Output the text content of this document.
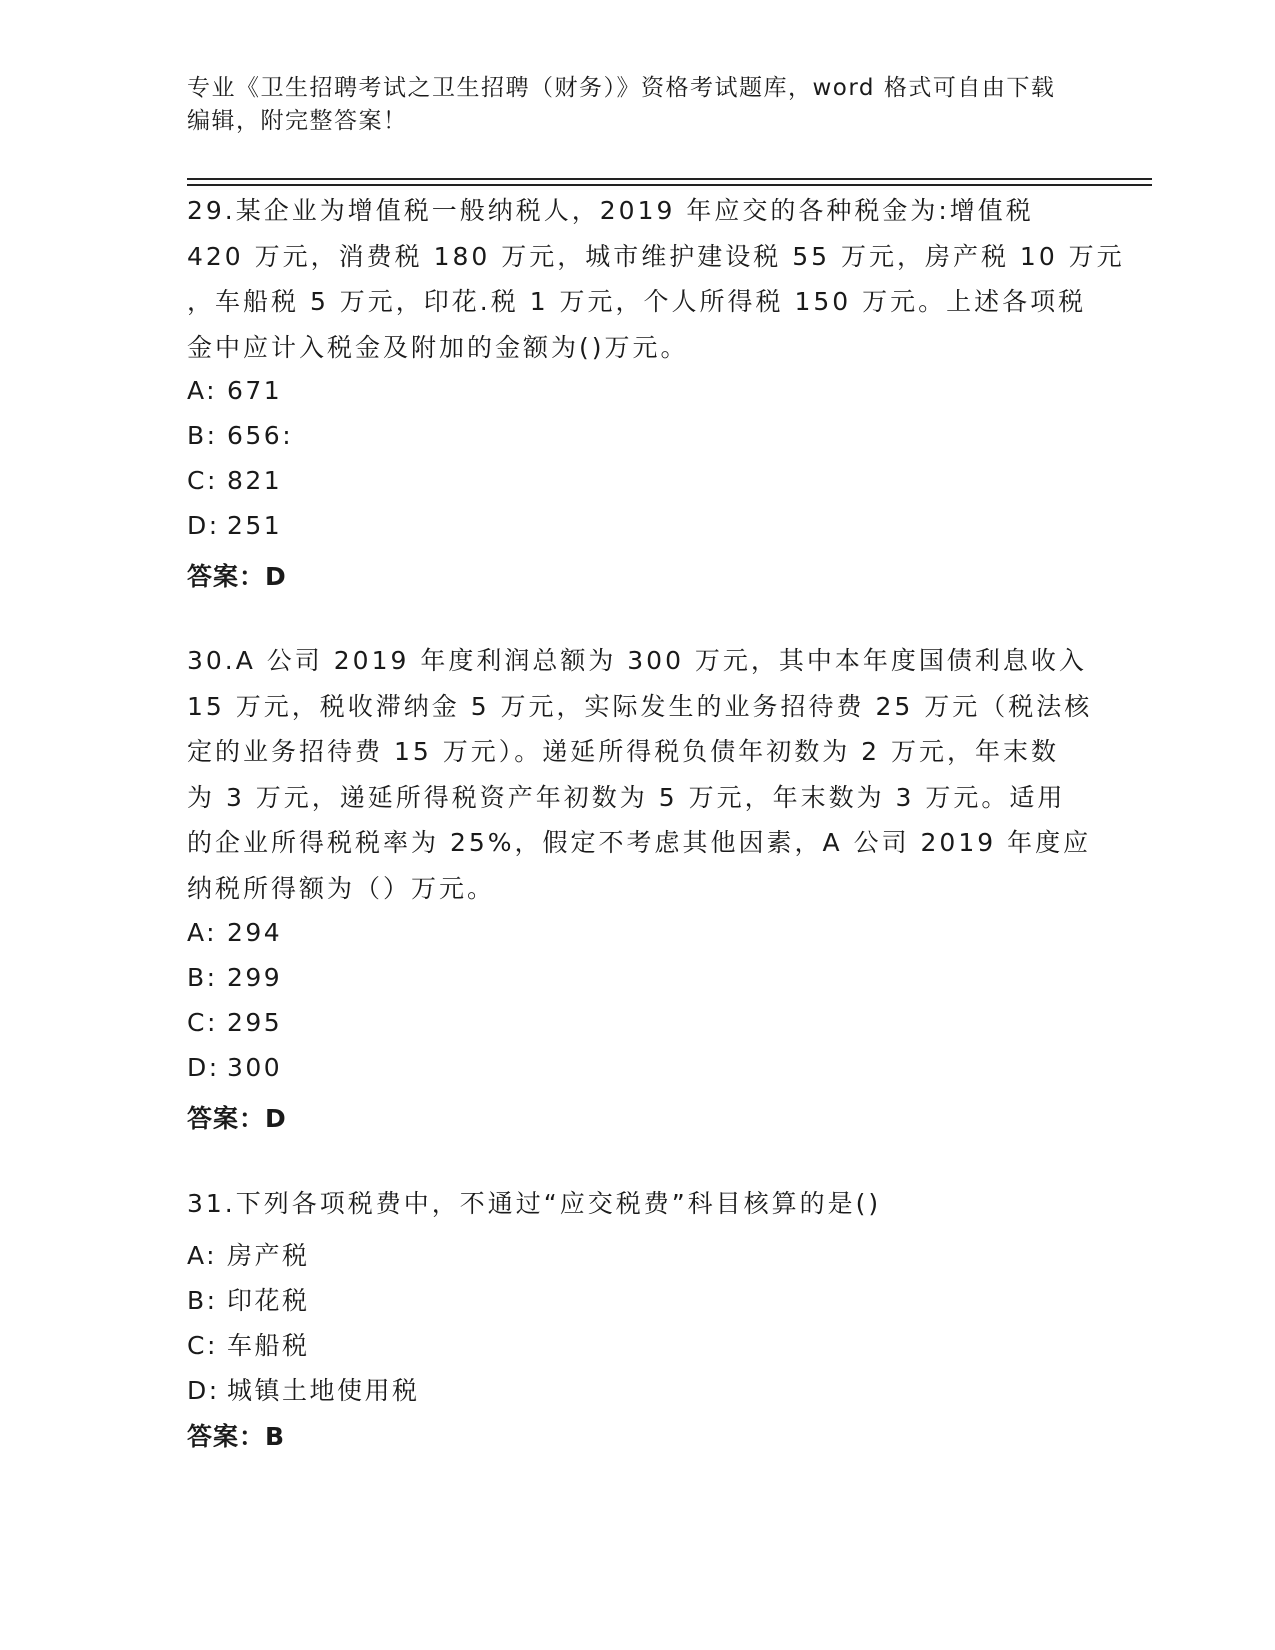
专业《卫生招聘考试之卫生招聘（财务）》资格考试题库，word 格式可自由下载
编辑，附完整答案！
29.某企业为增值税一般纳税人，2019 年应交的各种税金为:增值税
420 万元，消费税 180 万元，城市维护建设税 55 万元，房产税 10 万元
，车船税 5 万元，印花.税 1 万元，个人所得税 150 万元。上述各项税
金中应计入税金及附加的金额为()万元。
A: 671
B: 656:
C: 821
D: 251
答案：D
30.A 公司 2019 年度利润总额为 300 万元，其中本年度国债利息收入
15 万元，税收滞纳金 5 万元，实际发生的业务招待费 25 万元（税法核
定的业务招待费 15 万元）。递延所得税负债年初数为 2 万元，年末数
为 3 万元，递延所得税资产年初数为 5 万元，年末数为 3 万元。适用
的企业所得税税率为 25%，假定不考虑其他因素，A 公司 2019 年度应
纳税所得额为（）万元。
A: 294
B: 299
C: 295
D: 300
答案：D
31.下列各项税费中，不通过“应交税费”科目核算的是()
A: 房产税
B: 印花税
C: 车船税
D: 城镇土地使用税
答案：B
